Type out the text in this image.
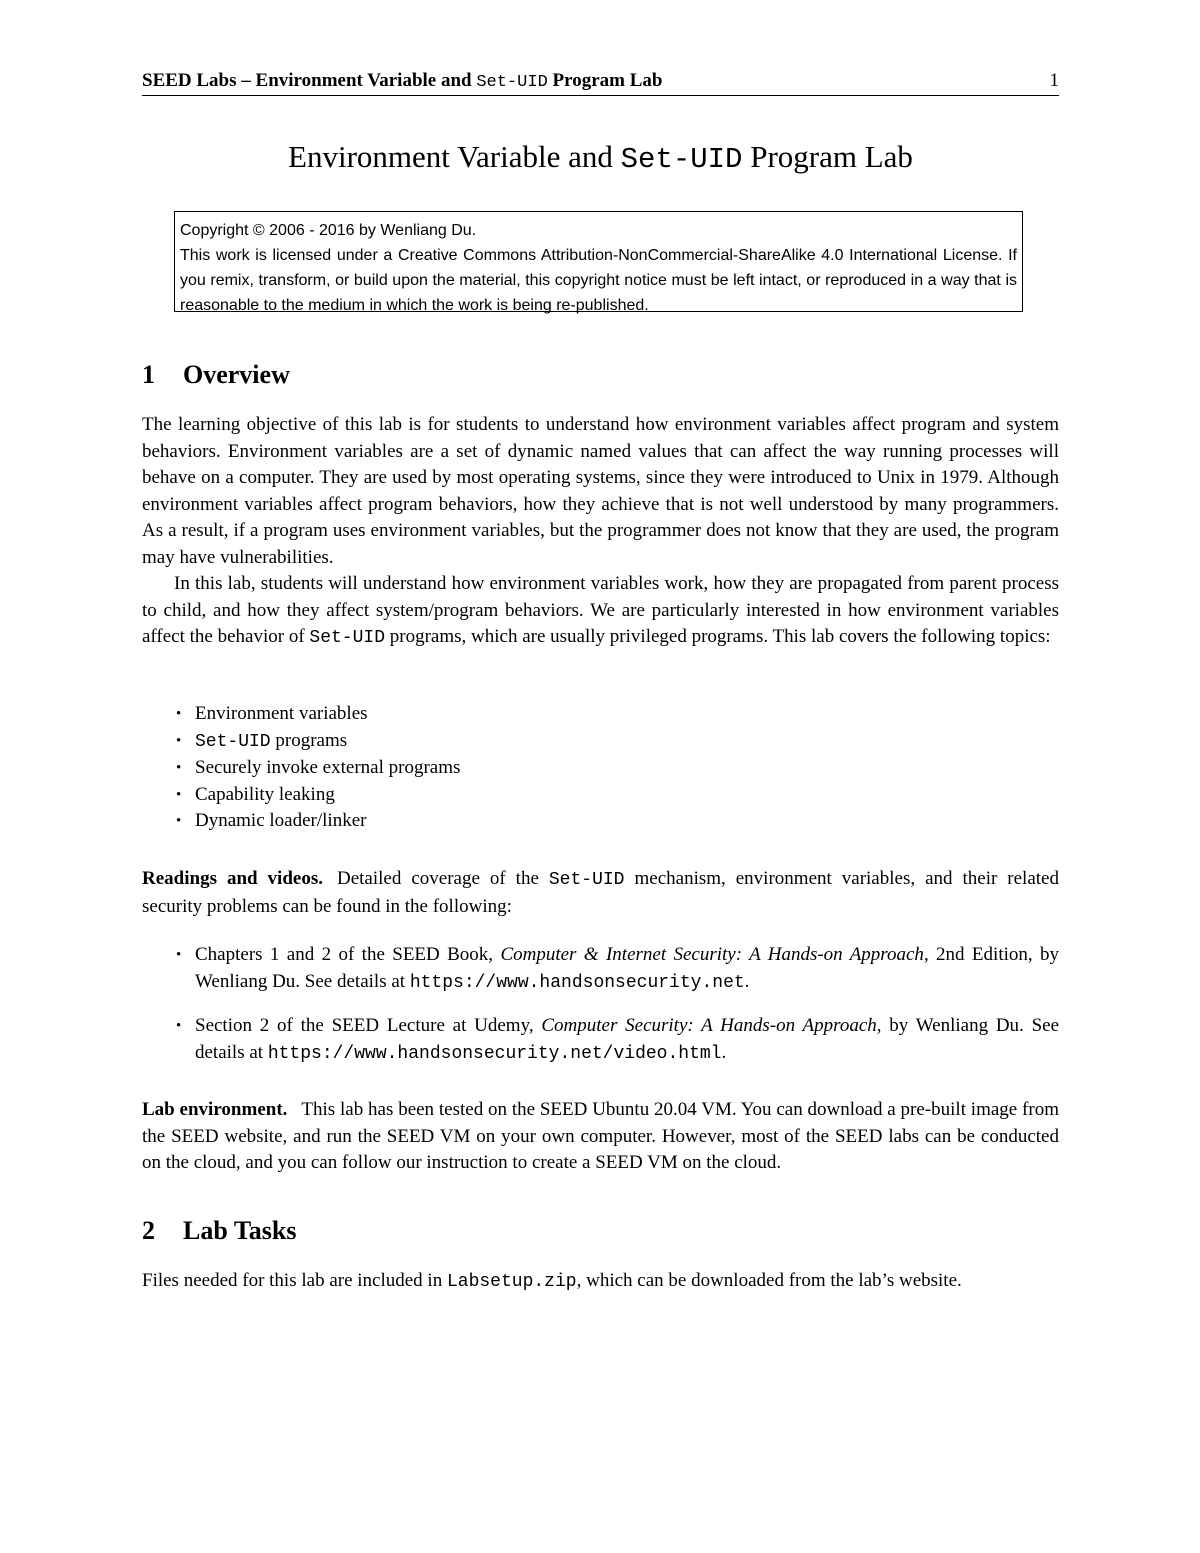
SEED Labs – Environment Variable and Set-UID Program Lab	1
Environment Variable and Set-UID Program Lab
Copyright © 2006 - 2016 by Wenliang Du.
This work is licensed under a Creative Commons Attribution-NonCommercial-ShareAlike 4.0 International License. If you remix, transform, or build upon the material, this copyright notice must be left intact, or reproduced in a way that is reasonable to the medium in which the work is being re-published.
1 Overview
The learning objective of this lab is for students to understand how environment variables affect program and system behaviors. Environment variables are a set of dynamic named values that can affect the way running processes will behave on a computer. They are used by most operating systems, since they were introduced to Unix in 1979. Although environment variables affect program behaviors, how they achieve that is not well understood by many programmers. As a result, if a program uses environment variables, but the programmer does not know that they are used, the program may have vulnerabilities.
In this lab, students will understand how environment variables work, how they are propagated from parent process to child, and how they affect system/program behaviors. We are particularly interested in how environment variables affect the behavior of Set-UID programs, which are usually privileged programs. This lab covers the following topics:
• Environment variables
• Set-UID programs
• Securely invoke external programs
• Capability leaking
• Dynamic loader/linker
Readings and videos. Detailed coverage of the Set-UID mechanism, environment variables, and their related security problems can be found in the following:
• Chapters 1 and 2 of the SEED Book, Computer & Internet Security: A Hands-on Approach, 2nd Edition, by Wenliang Du. See details at https://www.handsonsecurity.net.
• Section 2 of the SEED Lecture at Udemy, Computer Security: A Hands-on Approach, by Wenliang Du. See details at https://www.handsonsecurity.net/video.html.
Lab environment. This lab has been tested on the SEED Ubuntu 20.04 VM. You can download a pre-built image from the SEED website, and run the SEED VM on your own computer. However, most of the SEED labs can be conducted on the cloud, and you can follow our instruction to create a SEED VM on the cloud.
2 Lab Tasks
Files needed for this lab are included in Labsetup.zip, which can be downloaded from the lab’s website.
